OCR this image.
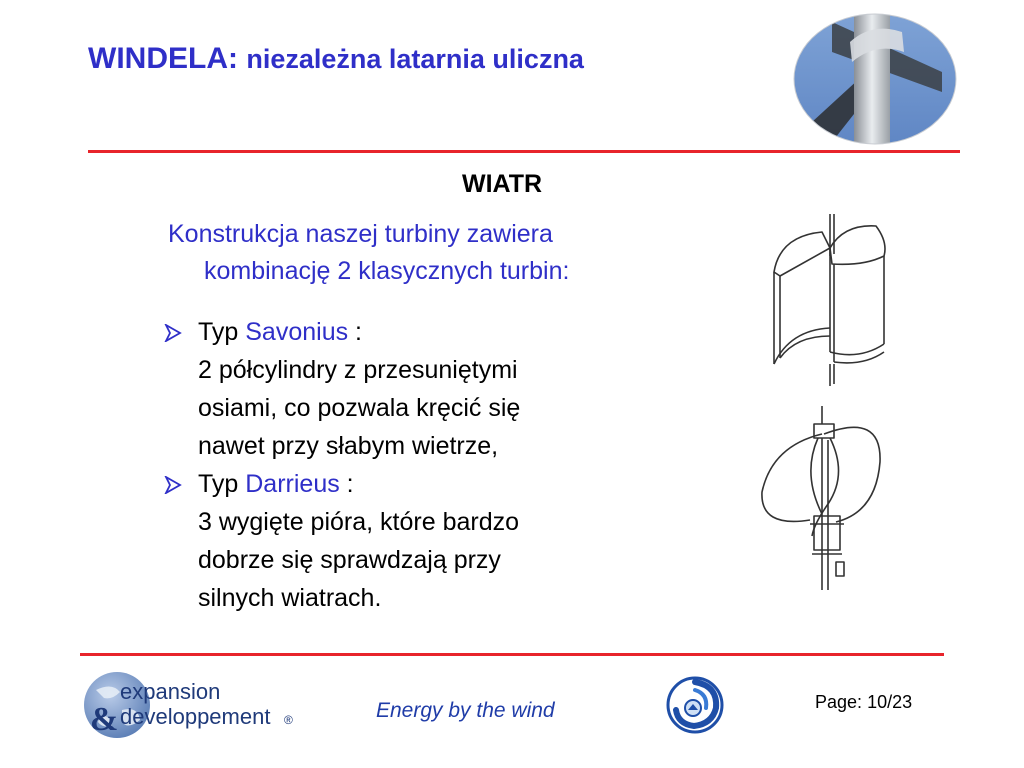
WINDELA: niezależna latarnia uliczna
WIATR

Konstrukcja naszej turbiny zawiera
kombinację 2 klasycznych turbin:

Typ Savonius :
2 półcylindry z przesuniętymi
osiami, co pozwala kręcić się
nawet przy słabym wietrze,
Typ Darrieus :
3 wygięte pióra, które bardzo
dobrze się sprawdzają przy
silnych wiatrach.
expansion
& developpement ®	Energy by the wind	Page: 10/23
